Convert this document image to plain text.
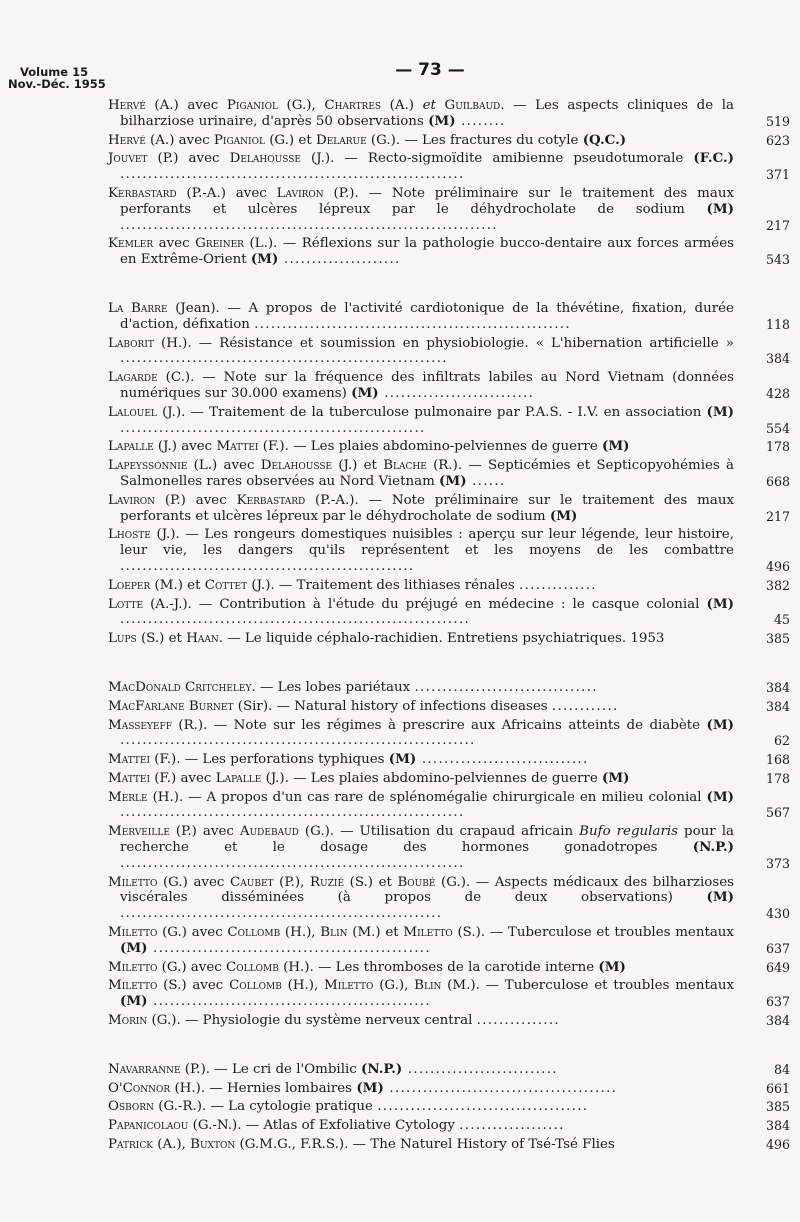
Volume 15
Nov.-Déc. 1955
— 73 —
Hervé (A.) avec Piganiol (G.), Chartres (A.) et Guilbaud. — Les aspects cliniques de la bilharziose urinaire, d'après 50 observations (M) ........	519
Hervé (A.) avec Piganiol (G.) et Delarue (G.). — Les fractures du cotyle (Q.C.)	623
Jouvet (P.) avec Delahousse (J.). — Recto-sigmoïdite amibienne pseudotumorale (F.C.) ..............................................................	371
Kerbastard (P.-A.) avec Laviron (P.). — Note préliminaire sur le traitement des maux perforants et ulcères lépreux par le déhydrocholate de sodium (M) ....................................................................	217
Kemler avec Greiner (L.). — Réflexions sur la pathologie bucco-dentaire aux forces armées en Extrême-Orient (M) .....................	543
La Barre (Jean). — A propos de l'activité cardiotonique de la thévétine, fixation, durée d'action, défixation .........................................................	118
Laborit (H.). — Résistance et soumission en physiobiologie. « L'hibernation artificielle » ...........................................................	384
Lagarde (C.). — Note sur la fréquence des infiltrats labiles au Nord Vietnam (données numériques sur 30.000 examens) (M) ...........................	428
Lalouel (J.). — Traitement de la tuberculose pulmonaire par P.A.S. - I.V. en association (M) .......................................................	554
Lapalle (J.) avec Mattei (F.). — Les plaies abdomino-pelviennes de guerre (M)	178
Lapeyssonnie (L.) avec Delahousse (J.) et Blache (R.). — Septicémies et Septicopyohémies à Salmonelles rares observées au Nord Vietnam (M) ......	668
Laviron (P.) avec Kerbastard (P.-A.). — Note préliminaire sur le traitement des maux perforants et ulcères lépreux par le déhydrocholate de sodium (M)	217
Lhoste (J.). — Les rongeurs domestiques nuisibles : aperçu sur leur légende, leur histoire, leur vie, les dangers qu'ils représentent et les moyens de les combattre .....................................................	496
Loeper (M.) et Cottet (J.). — Traitement des lithiases rénales ..............	382
Lotte (A.-J.). — Contribution à l'étude du préjugé en médecine : le casque colonial (M) ...............................................................	45
Lups (S.) et Haan. — Le liquide céphalo-rachidien. Entretiens psychiatriques. 1953	385
MacDonald Critcheley. — Les lobes pariétaux .................................	384
MacFarlane Burnet (Sir). — Natural history of infections diseases ............	384
Masseyeff (R.). — Note sur les régimes à prescrire aux Africains atteints de diabète (M) ................................................................	62
Mattei (F.). — Les perforations typhiques (M) ..............................	168
Mattei (F.) avec Lapalle (J.). — Les plaies abdomino-pelviennes de guerre (M)	178
Merle (H.). — A propos d'un cas rare de splénomégalie chirurgicale en milieu colonial (M) ..............................................................	567
Merveille (P.) avec Audebaud (G.). — Utilisation du crapaud africain Bufo regularis pour la recherche et le dosage des hormones gonadotropes (N.P.) ..............................................................	373
Miletto (G.) avec Caubet (P.), Ruzié (S.) et Boubé (G.). — Aspects médicaux des bilharzioses viscérales disséminées (à propos de deux observations) (M) ..........................................................	430
Miletto (G.) avec Collomb (H.), Blin (M.) et Miletto (S.). — Tuberculose et troubles mentaux (M) ..................................................	637
Miletto (G.) avec Collomb (H.). — Les thromboses de la carotide interne (M)	649
Miletto (S.) avec Collomb (H.), Miletto (G.), Blin (M.). — Tuberculose et troubles mentaux (M) ..................................................	637
Morin (G.). — Physiologie du système nerveux central ...............	384
Navarranne (P.). — Le cri de l'Ombilic (N.P.) ...........................	84
O'Connor (H.). — Hernies lombaires (M) .........................................	661
Osborn (G.-R.). — La cytologie pratique ......................................	385
Papanicolaou (G.-N.). — Atlas of Exfoliative Cytology ...................	384
Patrick (A.), Buxton (G.M.G., F.R.S.). — The Naturel History of Tsé-Tsé Flies	496
